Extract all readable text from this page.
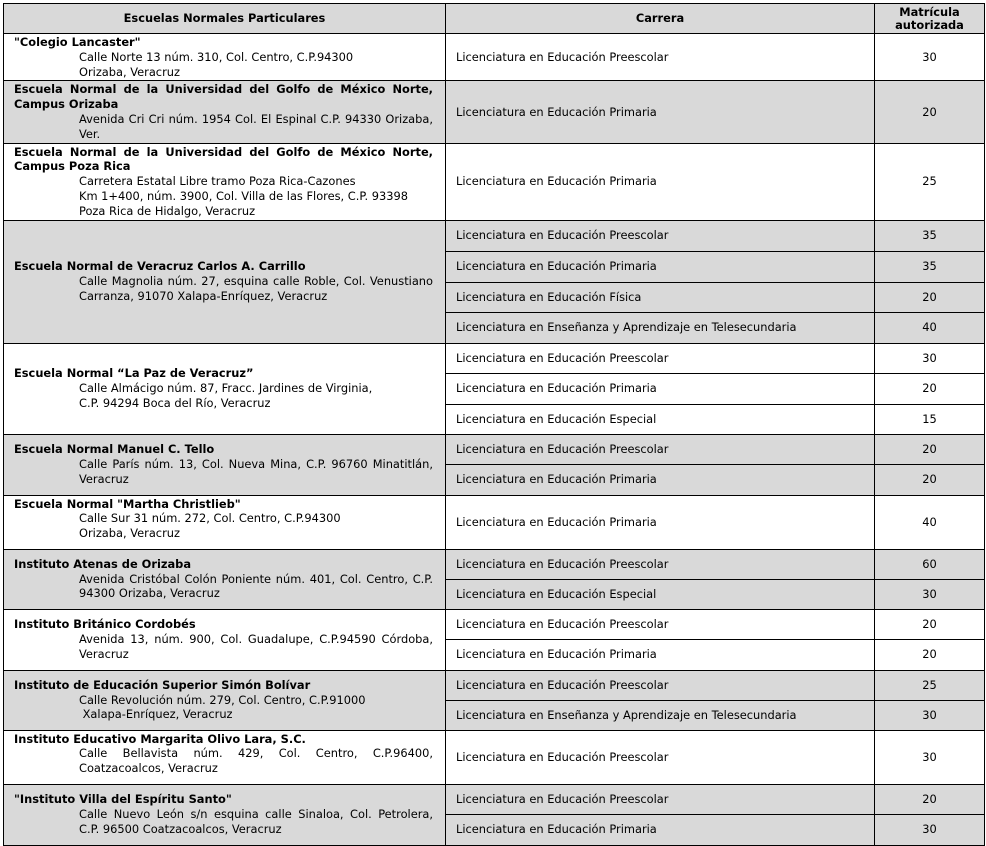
Escuelas Normales Particulares	Carrera	Matrícula autorizada

"Colegio Lancaster"
Calle Norte 13 núm. 310, Col. Centro, C.P.94300
Orizaba, Veracruz	Licenciatura en Educación Preescolar	30

Escuela Normal de la Universidad del Golfo de México Norte, Campus Orizaba
Avenida Cri Cri núm. 1954 Col. El Espinal C.P. 94330 Orizaba, Ver.	Licenciatura en Educación Primaria	20

Escuela Normal de la Universidad del Golfo de México Norte, Campus Poza Rica
Carretera Estatal Libre tramo Poza Rica-Cazones
Km 1+400, núm. 3900, Col. Villa de las Flores, C.P. 93398
Poza Rica de Hidalgo, Veracruz	Licenciatura en Educación Primaria	25

Escuela Normal de Veracruz Carlos A. Carrillo
Calle Magnolia núm. 27, esquina calle Roble, Col. Venustiano Carranza, 91070 Xalapa-Enríquez, Veracruz	Licenciatura en Educación Preescolar	35
	Licenciatura en Educación Primaria	35
	Licenciatura en Educación Física	20
	Licenciatura en Enseñanza y Aprendizaje en Telesecundaria	40

Escuela Normal “La Paz de Veracruz”
Calle Almácigo núm. 87, Fracc. Jardines de Virginia,
C.P. 94294 Boca del Río, Veracruz	Licenciatura en Educación Preescolar	30
	Licenciatura en Educación Primaria	20
	Licenciatura en Educación Especial	15

Escuela Normal Manuel C. Tello
Calle París núm. 13, Col. Nueva Mina, C.P. 96760 Minatitlán, Veracruz	Licenciatura en Educación Preescolar	20
	Licenciatura en Educación Primaria	20

Escuela Normal "Martha Christlieb"
Calle Sur 31 núm. 272, Col. Centro, C.P.94300
Orizaba, Veracruz	Licenciatura en Educación Primaria	40

Instituto Atenas de Orizaba
Avenida Cristóbal Colón Poniente núm. 401, Col. Centro, C.P. 94300 Orizaba, Veracruz	Licenciatura en Educación Preescolar	60
	Licenciatura en Educación Especial	30

Instituto Británico Cordobés
Avenida 13, núm. 900, Col. Guadalupe, C.P.94590 Córdoba, Veracruz	Licenciatura en Educación Preescolar	20
	Licenciatura en Educación Primaria	20

Instituto de Educación Superior Simón Bolívar
Calle Revolución núm. 279, Col. Centro, C.P.91000
Xalapa-Enríquez, Veracruz	Licenciatura en Educación Preescolar	25
	Licenciatura en Enseñanza y Aprendizaje en Telesecundaria	30

Instituto Educativo Margarita Olivo Lara, S.C.
Calle Bellavista núm. 429, Col. Centro, C.P.96400, Coatzacoalcos, Veracruz	Licenciatura en Educación Preescolar	30

"Instituto Villa del Espíritu Santo"
Calle Nuevo León s/n esquina calle Sinaloa, Col. Petrolera, C.P. 96500 Coatzacoalcos, Veracruz	Licenciatura en Educación Preescolar	20
	Licenciatura en Educación Primaria	30
